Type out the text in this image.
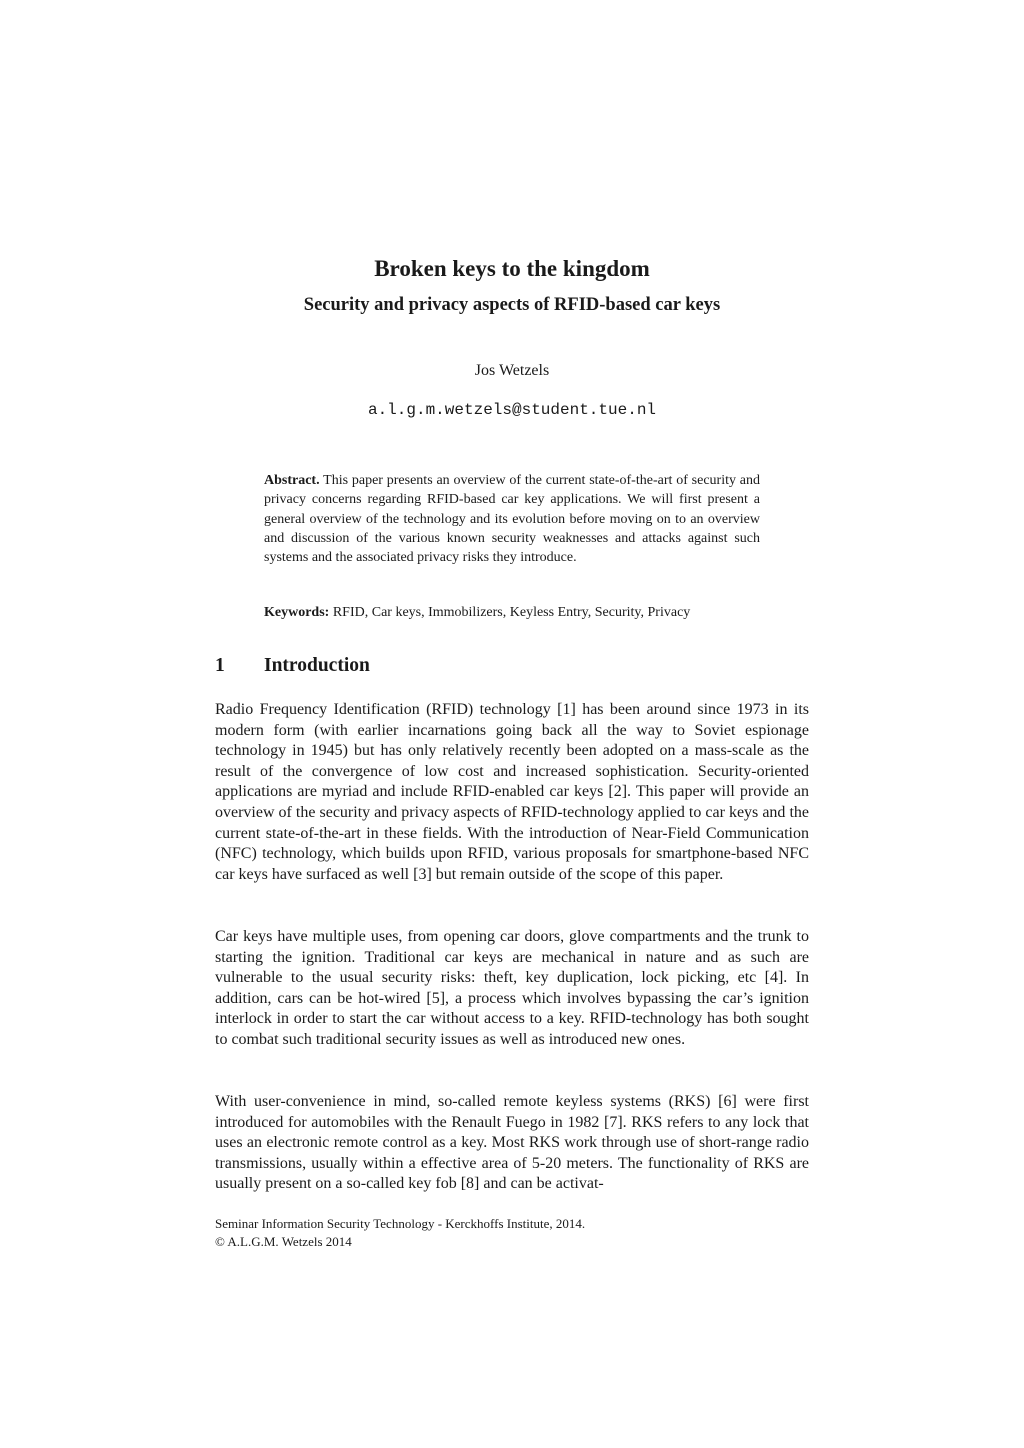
Broken keys to the kingdom
Security and privacy aspects of RFID-based car keys
Jos Wetzels
a.l.g.m.wetzels@student.tue.nl

Abstract. This paper presents an overview of the current state-of-the-art of security and privacy concerns regarding RFID-based car key applications. We will first present a general overview of the technology and its evolution before moving on to an overview and discussion of the various known security weaknesses and attacks against such systems and the associated privacy risks they introduce.

Keywords: RFID, Car keys, Immobilizers, Keyless Entry, Security, Privacy

1 Introduction

Radio Frequency Identification (RFID) technology [1] has been around since 1973 in its modern form (with earlier incarnations going back all the way to Soviet espionage technology in 1945) but has only relatively recently been adopted on a mass-scale as the result of the convergence of low cost and increased sophistication. Security-oriented applications are myriad and include RFID-enabled car keys [2]. This paper will provide an overview of the security and privacy aspects of RFID-technology applied to car keys and the current state-of-the-art in these fields. With the introduction of Near-Field Communication (NFC) technology, which builds upon RFID, various proposals for smartphone-based NFC car keys have surfaced as well [3] but remain outside of the scope of this paper.

Car keys have multiple uses, from opening car doors, glove compartments and the trunk to starting the ignition. Traditional car keys are mechanical in nature and as such are vulnerable to the usual security risks: theft, key duplication, lock picking, etc [4]. In addition, cars can be hot-wired [5], a process which involves bypassing the car’s ignition interlock in order to start the car without access to a key. RFID-technology has both sought to combat such traditional security issues as well as introduced new ones.

With user-convenience in mind, so-called remote keyless systems (RKS) [6] were first introduced for automobiles with the Renault Fuego in 1982 [7]. RKS refers to any lock that uses an electronic remote control as a key. Most RKS work through use of short-range radio transmissions, usually within a effective area of 5-20 meters. The functionality of RKS are usually present on a so-called key fob [8] and can be activat-

Seminar Information Security Technology - Kerckhoffs Institute, 2014.
© A.L.G.M. Wetzels 2014
